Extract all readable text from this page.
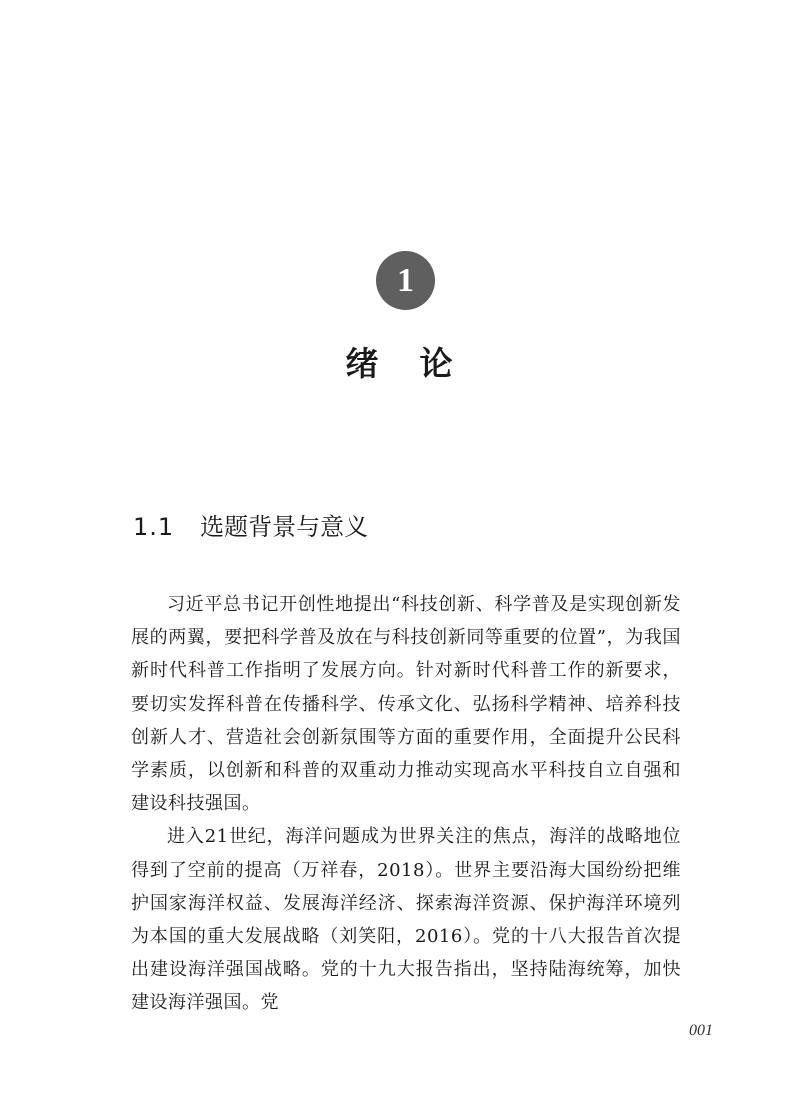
1
绪 论
1.1 选题背景与意义

习近平总书记开创性地提出“科技创新、科学普及是实现创新发展的两翼，要把科学普及放在与科技创新同等重要的位置”，为我国新时代科普工作指明了发展方向。针对新时代科普工作的新要求，要切实发挥科普在传播科学、传承文化、弘扬科学精神、培养科技创新人才、营造社会创新氛围等方面的重要作用，全面提升公民科学素质，以创新和科普的双重动力推动实现高水平科技自立自强和建设科技强国。

进入21世纪，海洋问题成为世界关注的焦点，海洋的战略地位得到了空前的提高（万祥春，2018）。世界主要沿海大国纷纷把维护国家海洋权益、发展海洋经济、探索海洋资源、保护海洋环境列为本国的重大发展战略（刘笑阳，2016）。党的十八大报告首次提出建设海洋强国战略。党的十九大报告指出，坚持陆海统筹，加快建设海洋强国。党

001
